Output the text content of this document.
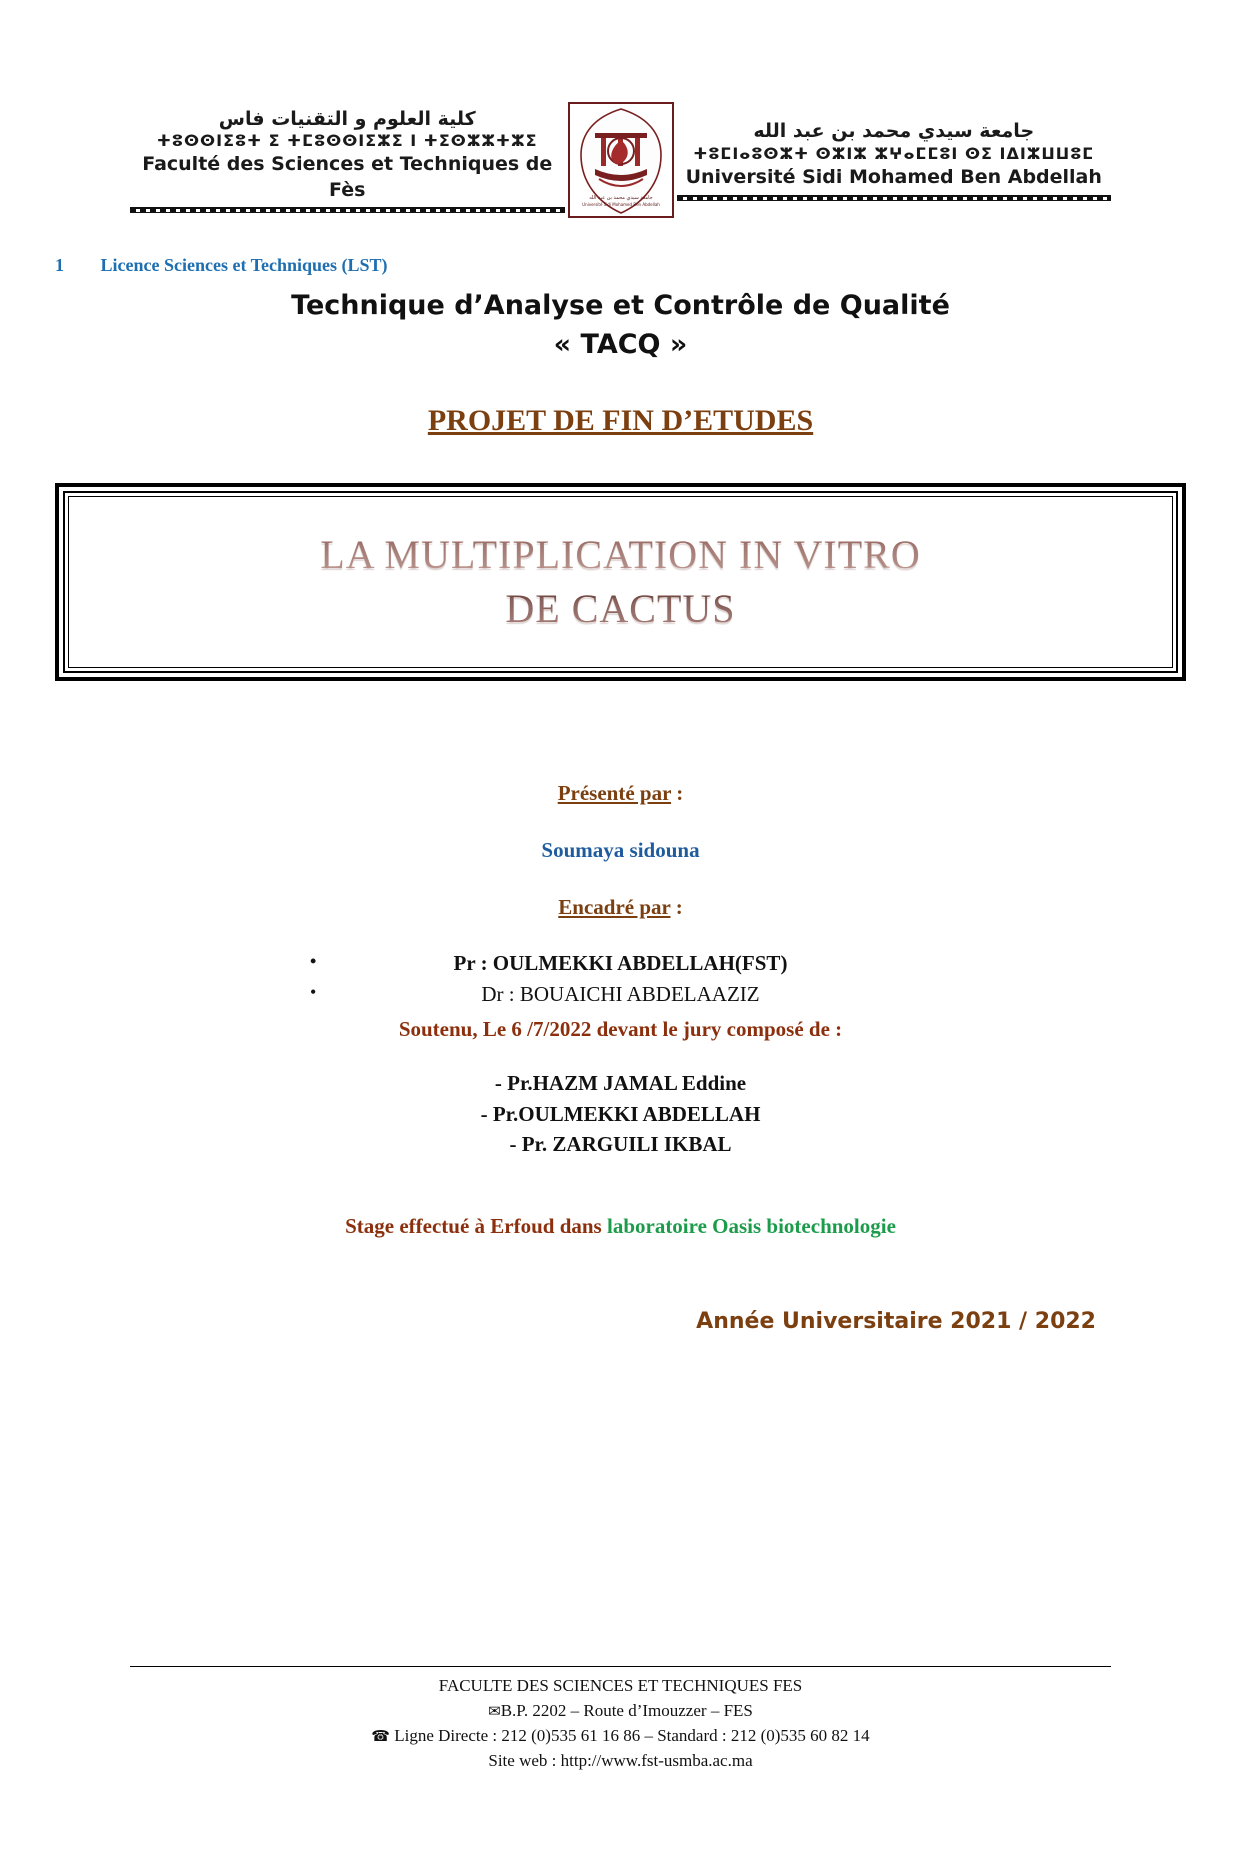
كلية العلوم و التقنيات فاس
ⵜⵓⵙⵙⵏⵉⵓⵜ ⵉ ⵜⵎⵓⵙⵙⵏⵉⵣⵉ ⵏ ⵜⵉⵙⵣⵣⵜⵣⵉ
Faculté des Sciences et Techniques de Fès	جامعة سيدي محمد بن عبد الله
Université Sidi Mohamed Ben Abdellah
جامعة سيدي محمد بن عبد الله
ⵜⵓⵎⵏⴰⵓⵙⵣⵜ ⵙⵣⵏⵣ ⵣⵖⴰⵎⵎⵓⵏ ⵙⵉ ⵏⵠⵏⵣⵡⵡⵓⵎ
Université Sidi Mohamed Ben Abdellah
1 Licence Sciences et Techniques (LST)
Technique d’Analyse et Contrôle de Qualité
« TACQ »
PROJET DE FIN D’ETUDES
LA MULTIPLICATION IN VITRO
DE CACTUS
Présenté par :
Soumaya sidouna
Encadré par :
•	Pr : OULMEKKI ABDELLAH(FST)
•	Dr : BOUAICHI ABDELAAZIZ
Soutenu, Le 6 /7/2022 devant le jury composé de :
- Pr.HAZM JAMAL Eddine
- Pr.OULMEKKI ABDELLAH
- Pr. ZARGUILI IKBAL
Stage effectué à Erfoud dans laboratoire Oasis biotechnologie
Année Universitaire 2021 / 2022

FACULTE DES SCIENCES ET TECHNIQUES FES

✉B.P. 2202 – Route d’Imouzzer – FES

☎ Ligne Directe : 212 (0)535 61 16 86 – Standard : 212 (0)535 60 82 14

Site web : http://www.fst-usmba.ac.ma
